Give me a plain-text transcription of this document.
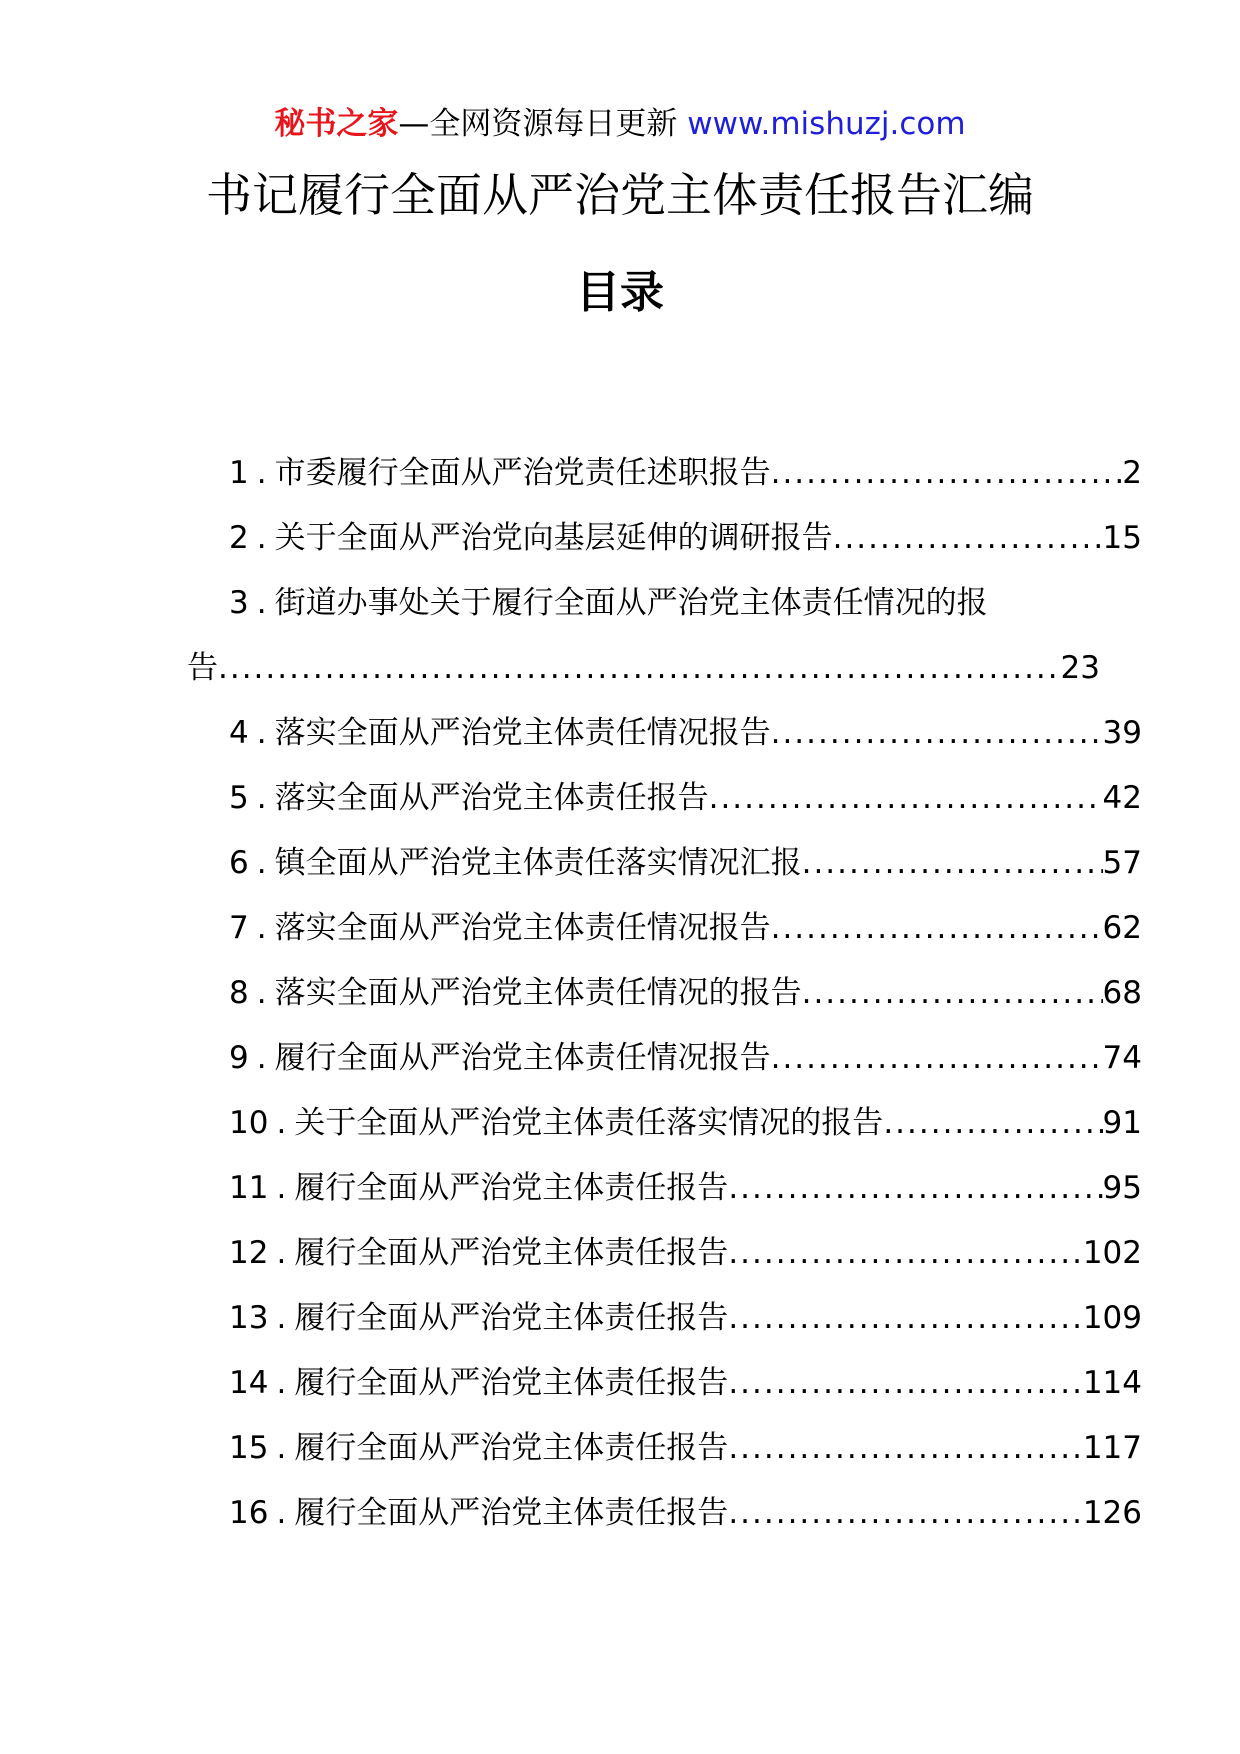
秘书之家—全网资源每日更新 www.mishuzj.com
书记履行全面从严治党主体责任报告汇编
目录
1 . 市委履行全面从严治党责任述职报告 .....	2
2 . 关于全面从严治党向基层延伸的调研报告 .....	15
3 . 街道办事处关于履行全面从严治党主体责任情况的报
告 .....	23
4 . 落实全面从严治党主体责任情况报告 .....	39
5 . 落实全面从严治党主体责任报告 .....	42
6 . 镇全面从严治党主体责任落实情况汇报 .....	57
7 . 落实全面从严治党主体责任情况报告 .....	62
8 . 落实全面从严治党主体责任情况的报告 .....	68
9 . 履行全面从严治党主体责任情况报告 .....	74
10 . 关于全面从严治党主体责任落实情况的报告 .....	91
11 . 履行全面从严治党主体责任报告 .....	95
12 . 履行全面从严治党主体责任报告 .....	102
13 . 履行全面从严治党主体责任报告 .....	109
14 . 履行全面从严治党主体责任报告 .....	114
15 . 履行全面从严治党主体责任报告 .....	117
16 . 履行全面从严治党主体责任报告 .....	126
